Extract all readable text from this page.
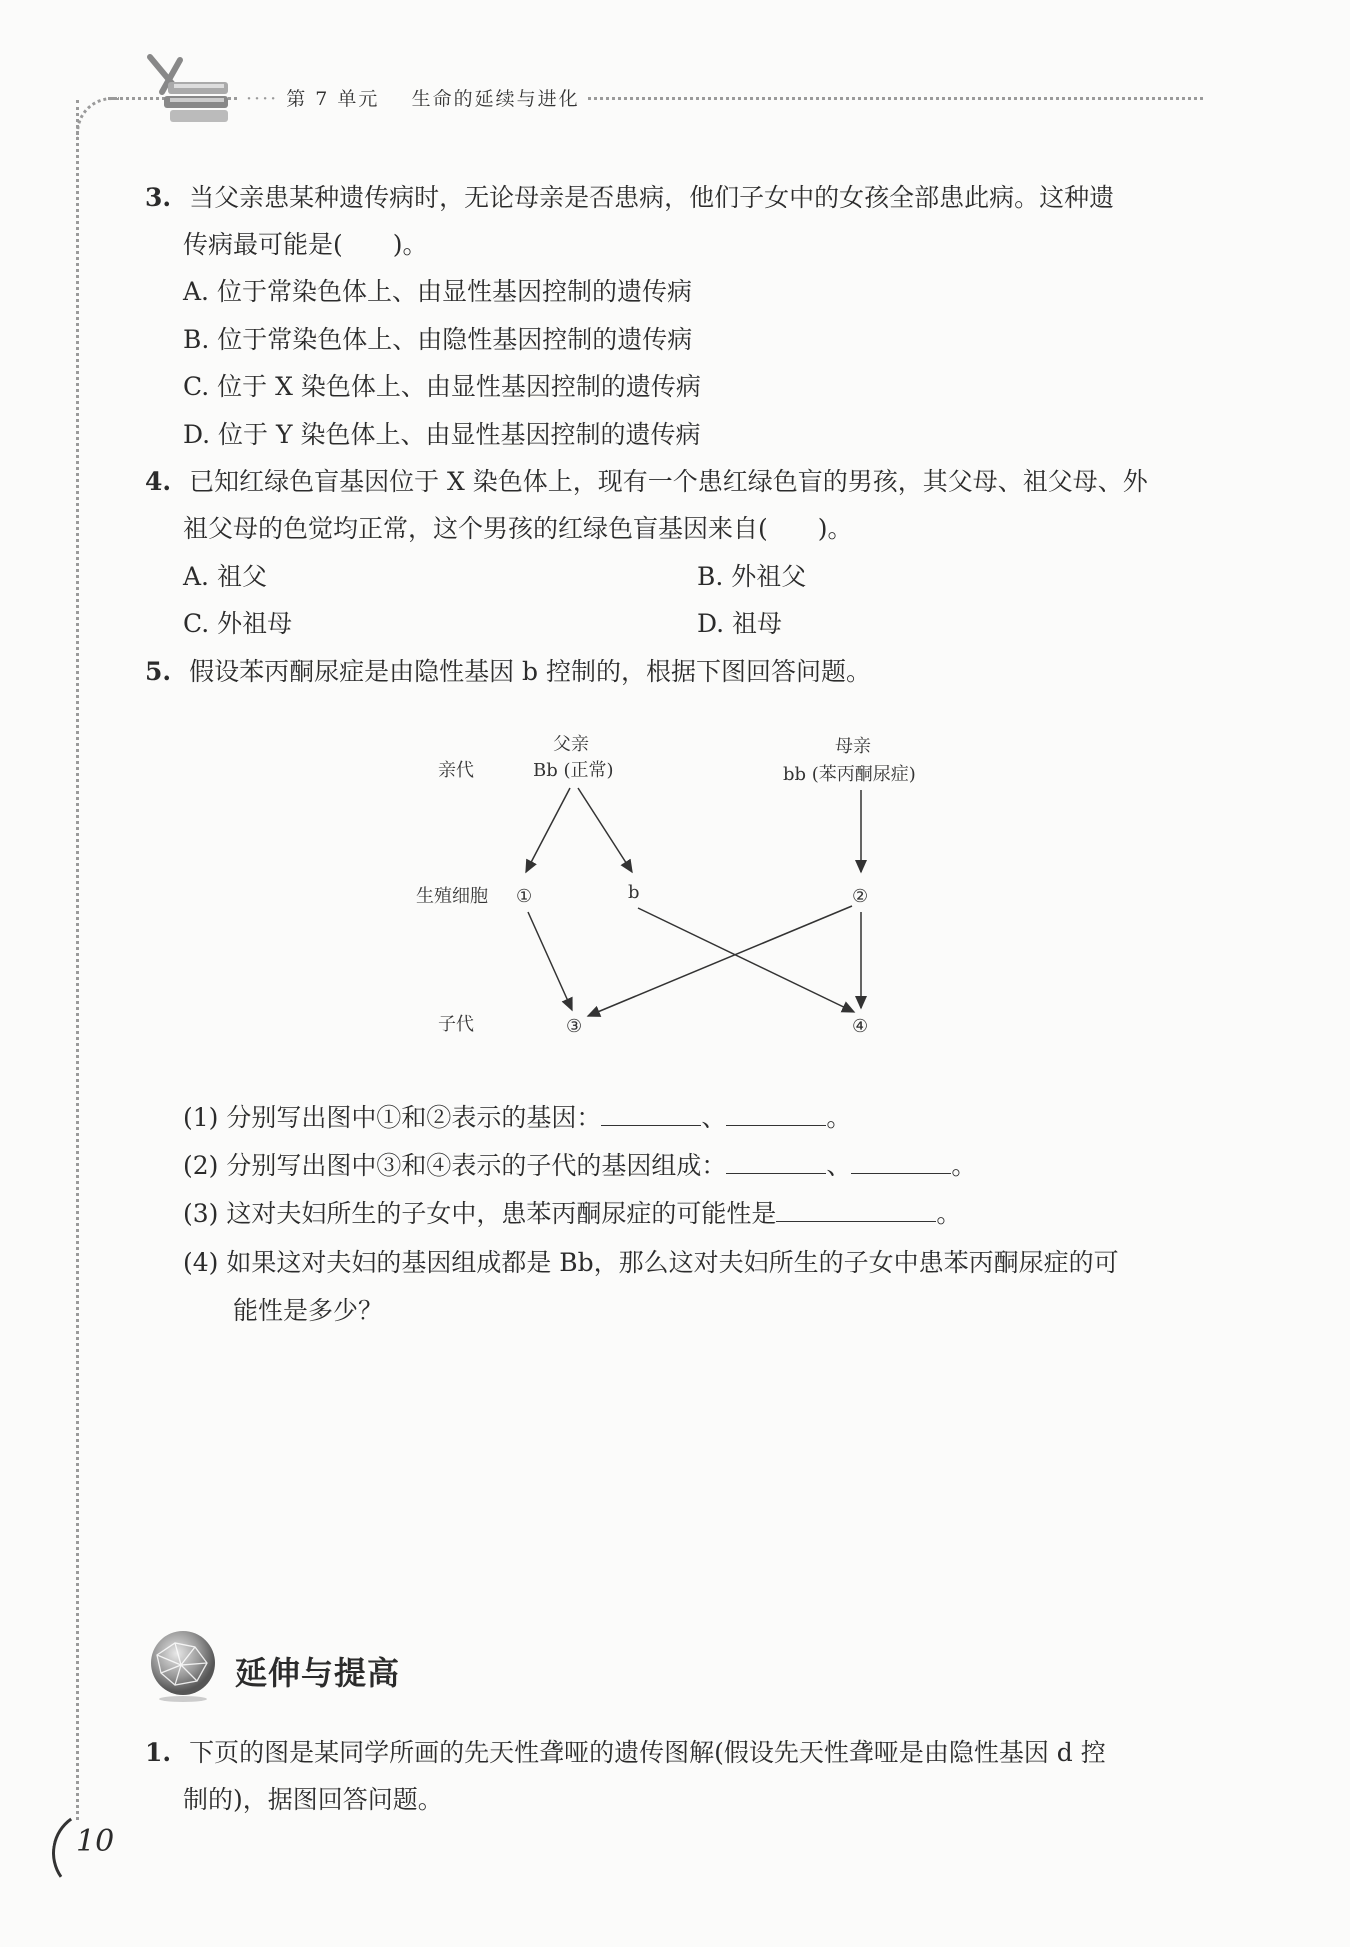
···· 第 7 单元 生命的延续与进化
3. 当父亲患某种遗传病时，无论母亲是否患病，他们子女中的女孩全部患此病。这种遗
传病最可能是(　　)。
A. 位于常染色体上、由显性基因控制的遗传病
B. 位于常染色体上、由隐性基因控制的遗传病
C. 位于 X 染色体上、由显性基因控制的遗传病
D. 位于 Y 染色体上、由显性基因控制的遗传病
4. 已知红绿色盲基因位于 X 染色体上，现有一个患红绿色盲的男孩，其父母、祖父母、外
祖父母的色觉均正常，这个男孩的红绿色盲基因来自(　　)。
A. 祖父	B. 外祖父
C. 外祖母	D. 祖母
5. 假设苯丙酮尿症是由隐性基因 b 控制的，根据下图回答问题。
亲代
生殖细胞
子代
父亲
Bb (正常)
母亲
bb (苯丙酮尿症)
①	b	②
③	④
(1) 分别写出图中①和②表示的基因：	、	。
(2) 分别写出图中③和④表示的子代的基因组成：	、	。
(3) 这对夫妇所生的子女中，患苯丙酮尿症的可能性是	。
(4) 如果这对夫妇的基因组成都是 Bb，那么这对夫妇所生的子女中患苯丙酮尿症的可
能性是多少？
延伸与提高
1. 下页的图是某同学所画的先天性聋哑的遗传图解(假设先天性聋哑是由隐性基因 d 控
制的)，据图回答问题。
10
